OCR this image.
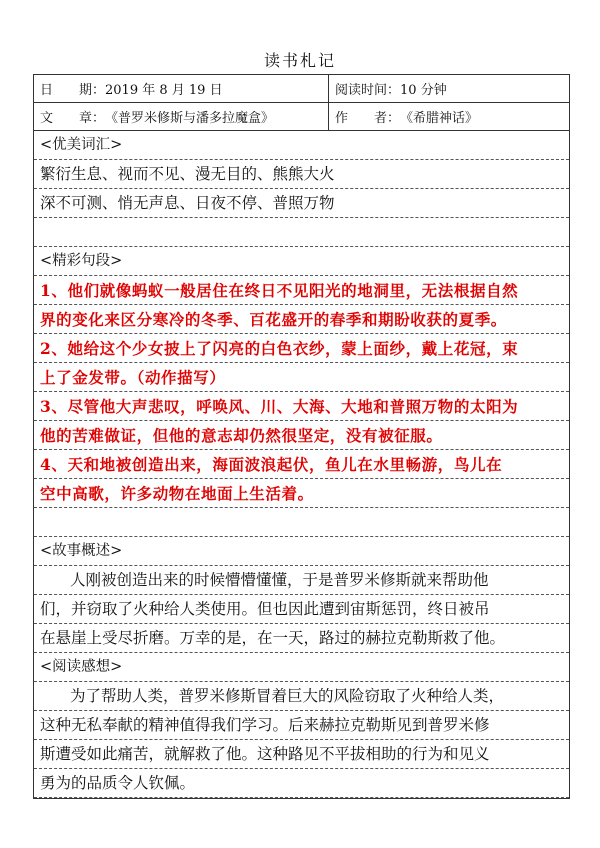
读书札记
日　　期： 2019 年 8 月 19 日	阅读时间： 10 分钟
文　　章： 《普罗米修斯与潘多拉魔盒》	作　　者： 《希腊神话》
<优美词汇>
繁衍生息、视而不见、漫无目的、熊熊大火
深不可测、悄无声息、日夜不停、普照万物
<精彩句段>
1、他们就像蚂蚁一般居住在终日不见阳光的地洞里，无法根据自然
界的变化来区分寒冷的冬季、百花盛开的春季和期盼收获的夏季。
2、她给这个少女披上了闪亮的白色衣纱，蒙上面纱，戴上花冠，束
上了金发带。（动作描写）
3、尽管他大声悲叹，呼唤风、川、大海、大地和普照万物的太阳为
他的苦难做证，但他的意志却仍然很坚定，没有被征服。
4、天和地被创造出来，海面波浪起伏，鱼儿在水里畅游，鸟儿在
空中高歌，许多动物在地面上生活着。
<故事概述>
人刚被创造出来的时候懵懵懂懂，于是普罗米修斯就来帮助他
们，并窃取了火种给人类使用。但也因此遭到宙斯惩罚，终日被吊
在悬崖上受尽折磨。万幸的是，在一天，路过的赫拉克勒斯救了他。
<阅读感想>
为了帮助人类，普罗米修斯冒着巨大的风险窃取了火种给人类，
这种无私奉献的精神值得我们学习。后来赫拉克勒斯见到普罗米修
斯遭受如此痛苦，就解救了他。这种路见不平拔相助的行为和见义
勇为的品质令人钦佩。
